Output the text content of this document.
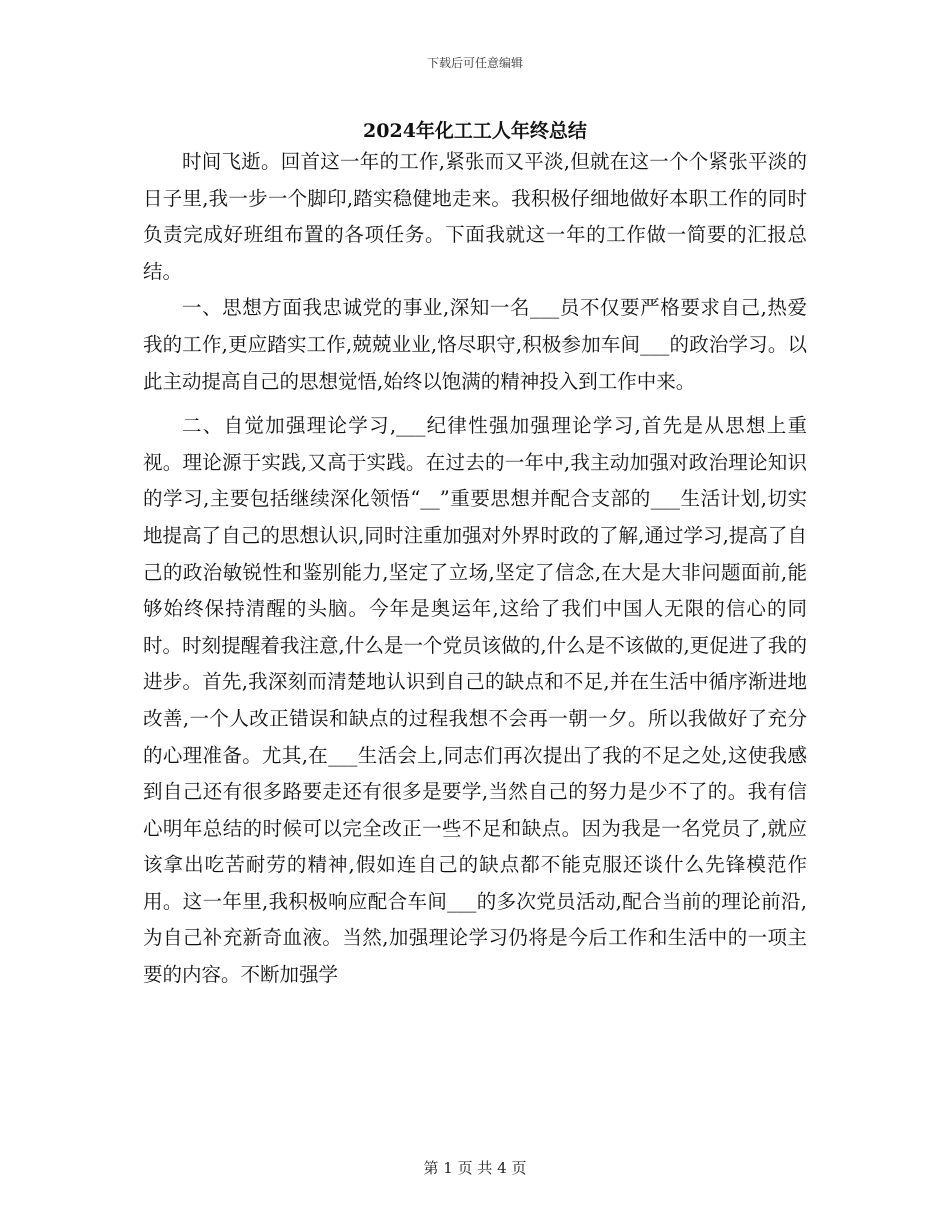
下载后可任意编辑
2024年化工工人年终总结

时间飞逝。回首这一年的工作,紧张而又平淡,但就在这一个个紧张平淡的日子里,我一步一个脚印,踏实稳健地走来。我积极仔细地做好本职工作的同时负责完成好班组布置的各项任务。下面我就这一年的工作做一简要的汇报总结。

一、思想方面我忠诚党的事业,深知一名___员不仅要严格要求自己,热爱我的工作,更应踏实工作,兢兢业业,恪尽职守,积极参加车间___的政治学习。以此主动提高自己的思想觉悟,始终以饱满的精神投入到工作中来。

二、自觉加强理论学习,___纪律性强加强理论学习,首先是从思想上重视。理论源于实践,又高于实践。在过去的一年中,我主动加强对政治理论知识的学习,主要包括继续深化领悟“__”重要思想并配合支部的___生活计划,切实地提高了自己的思想认识,同时注重加强对外界时政的了解,通过学习,提高了自己的政治敏锐性和鉴别能力,坚定了立场,坚定了信念,在大是大非问题面前,能够始终保持清醒的头脑。今年是奥运年,这给了我们中国人无限的信心的同时。时刻提醒着我注意,什么是一个党员该做的,什么是不该做的,更促进了我的进步。首先,我深刻而清楚地认识到自己的缺点和不足,并在生活中循序渐进地改善,一个人改正错误和缺点的过程我想不会再一朝一夕。所以我做好了充分的心理准备。尤其,在___生活会上,同志们再次提出了我的不足之处,这使我感到自己还有很多路要走还有很多是要学,当然自己的努力是少不了的。我有信心明年总结的时候可以完全改正一些不足和缺点。因为我是一名党员了,就应该拿出吃苦耐劳的精神,假如连自己的缺点都不能克服还谈什么先锋模范作用。这一年里,我积极响应配合车间___的多次党员活动,配合当前的理论前沿,为自己补充新奇血液。当然,加强理论学习仍将是今后工作和生活中的一项主要的内容。不断加强学

第 1 页 共 4 页
